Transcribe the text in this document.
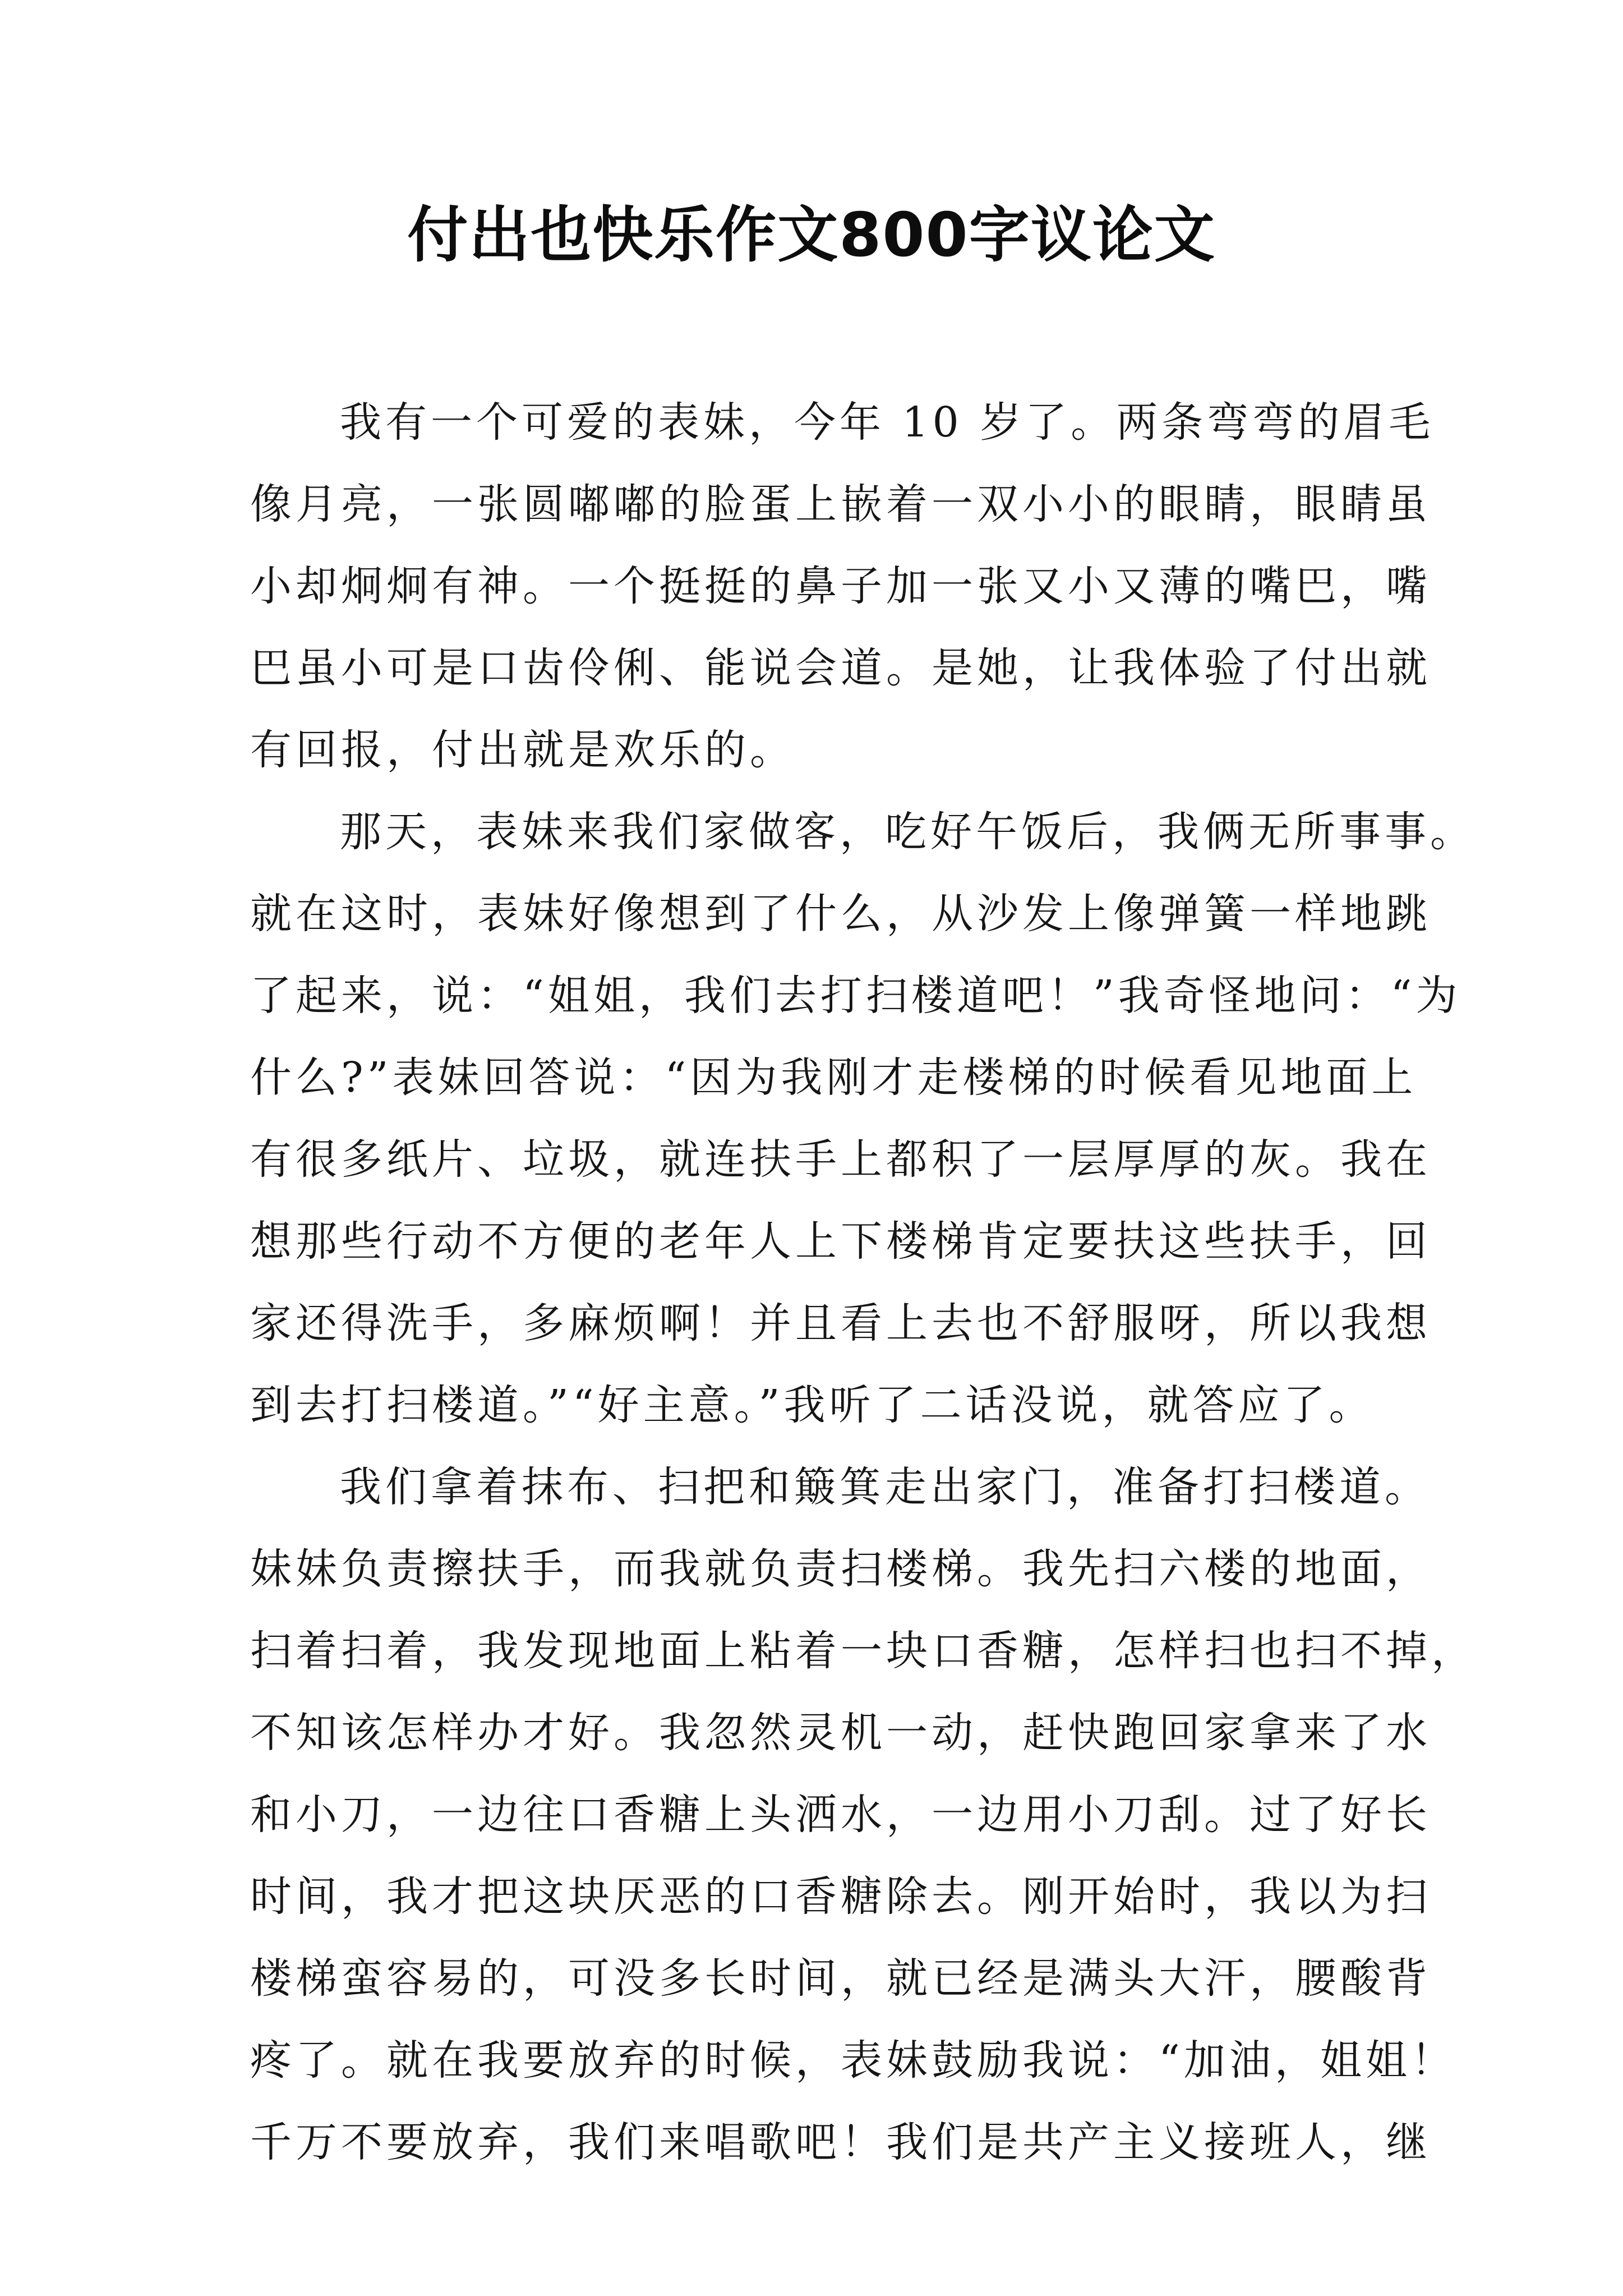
付出也快乐作文800字议论文
我有一个可爱的表妹，今年 10 岁了。两条弯弯的眉毛
像月亮，一张圆嘟嘟的脸蛋上嵌着一双小小的眼睛，眼睛虽
小却炯炯有神。一个挺挺的鼻子加一张又小又薄的嘴巴，嘴
巴虽小可是口齿伶俐、能说会道。是她，让我体验了付出就
有回报，付出就是欢乐的。
那天，表妹来我们家做客，吃好午饭后，我俩无所事事。
就在这时，表妹好像想到了什么，从沙发上像弹簧一样地跳
了起来，说：“姐姐，我们去打扫楼道吧！”我奇怪地问：“为
什么?”表妹回答说：“因为我刚才走楼梯的时候看见地面上
有很多纸片、垃圾，就连扶手上都积了一层厚厚的灰。我在
想那些行动不方便的老年人上下楼梯肯定要扶这些扶手，回
家还得洗手，多麻烦啊！并且看上去也不舒服呀，所以我想
到去打扫楼道。”“好主意。”我听了二话没说，就答应了。
我们拿着抹布、扫把和簸箕走出家门，准备打扫楼道。
妹妹负责擦扶手，而我就负责扫楼梯。我先扫六楼的地面，
扫着扫着，我发现地面上粘着一块口香糖，怎样扫也扫不掉，
不知该怎样办才好。我忽然灵机一动，赶快跑回家拿来了水
和小刀，一边往口香糖上头洒水，一边用小刀刮。过了好长
时间，我才把这块厌恶的口香糖除去。刚开始时，我以为扫
楼梯蛮容易的，可没多长时间，就已经是满头大汗，腰酸背
疼了。就在我要放弃的时候，表妹鼓励我说：“加油，姐姐！
千万不要放弃，我们来唱歌吧！我们是共产主义接班人，继
